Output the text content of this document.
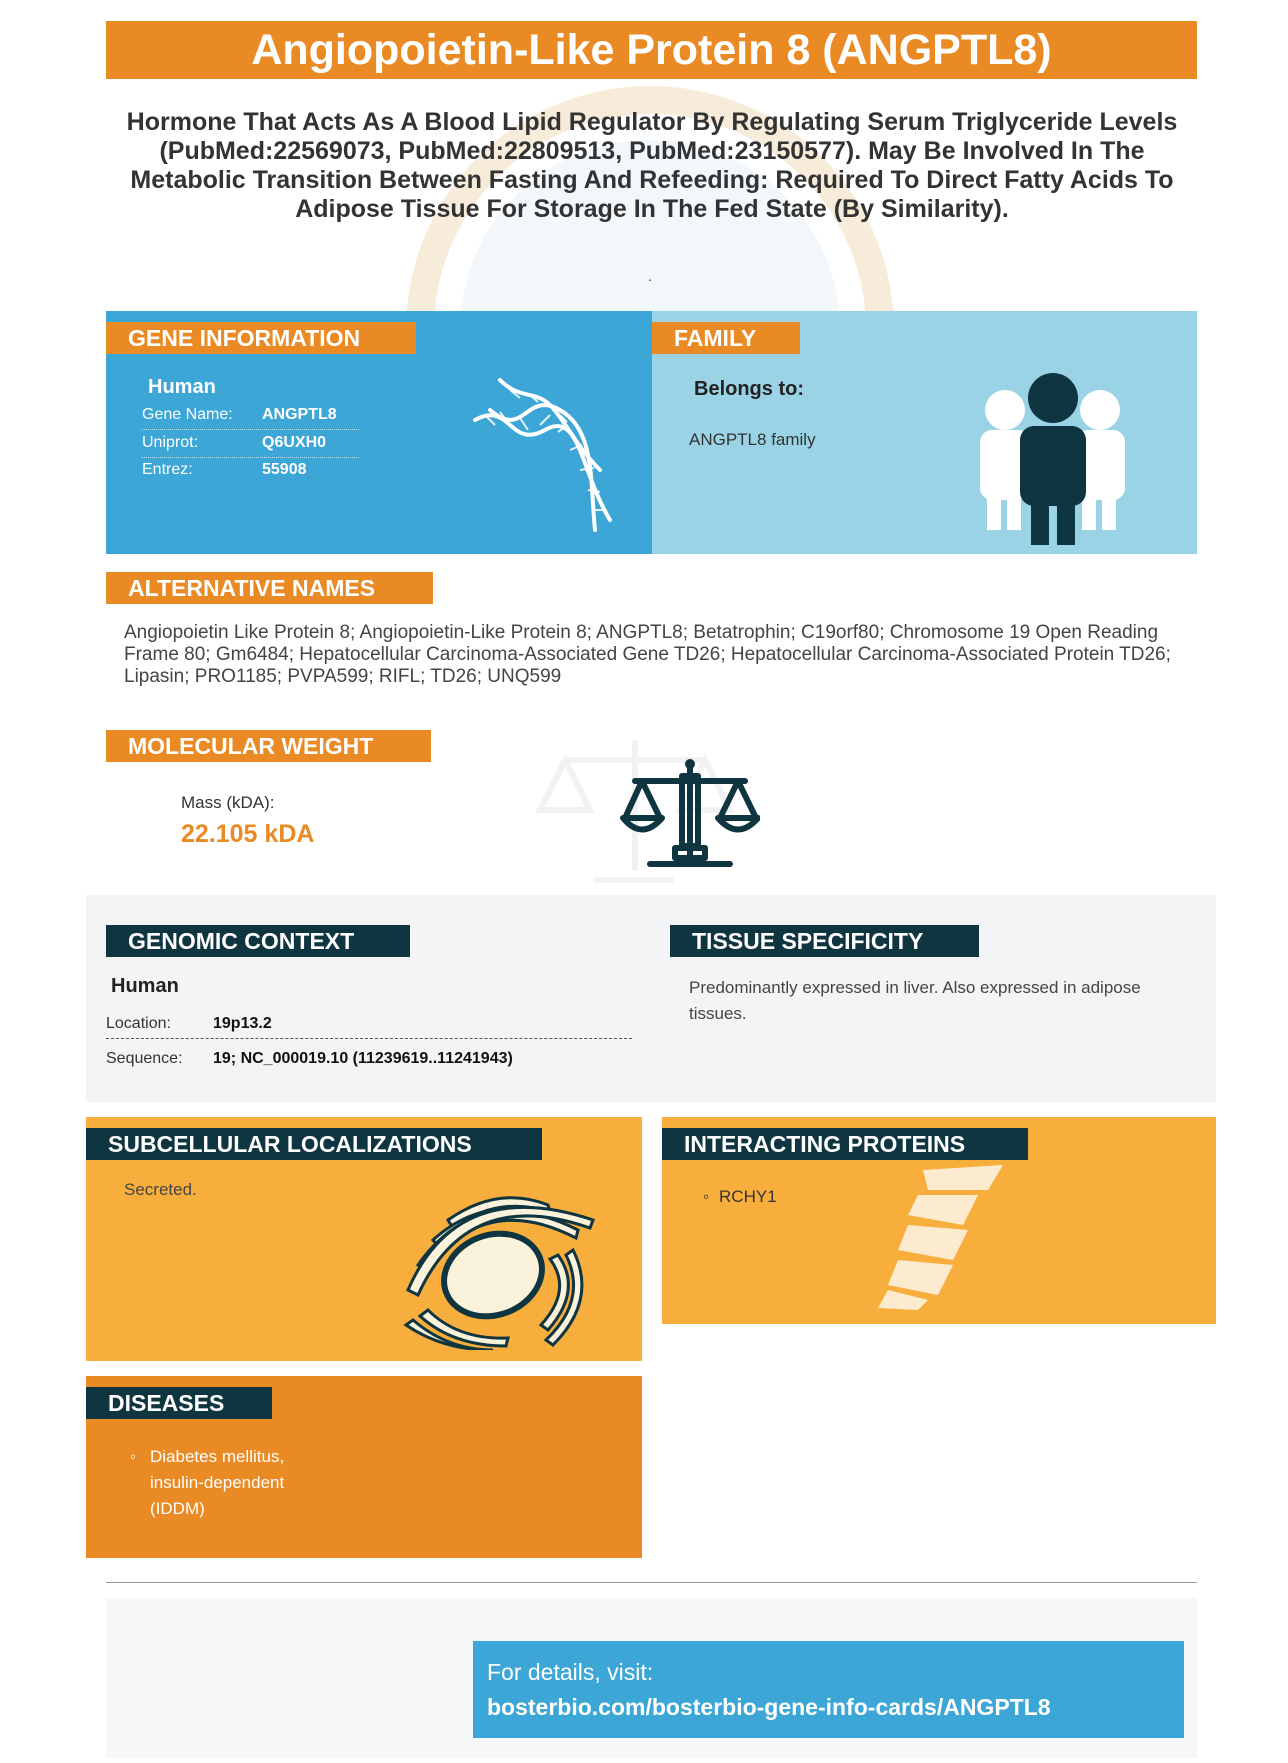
Angiopoietin-Like Protein 8 (ANGPTL8)
Hormone That Acts As A Blood Lipid Regulator By Regulating Serum Triglyceride Levels (PubMed:22569073, PubMed:22809513, PubMed:23150577). May Be Involved In The Metabolic Transition Between Fasting And Refeeding: Required To Direct Fatty Acids To Adipose Tissue For Storage In The Fed State (By Similarity).
.
GENE INFORMATION	FAMILY
Human
Gene Name: ANGPTL8
Uniprot:	Q6UXH0
Entrez:	55908
Belongs to:
ANGPTL8 family
ALTERNATIVE NAMES
Angiopoietin Like Protein 8; Angiopoietin-Like Protein 8; ANGPTL8; Betatrophin; C19orf80; Chromosome 19 Open Reading Frame 80; Gm6484; Hepatocellular Carcinoma-Associated Gene TD26; Hepatocellular Carcinoma-Associated Protein TD26; Lipasin; PRO1185; PVPA599; RIFL; TD26; UNQ599
MOLECULAR WEIGHT
Mass (kDA):
22.105 kDA
GENOMIC CONTEXT	TISSUE SPECIFICITY
Human
Location:	19p13.2
Sequence: 19; NC_000019.10 (11239619..11241943)
Predominantly expressed in liver. Also expressed in adipose tissues.
SUBCELLULAR LOCALIZATIONS	INTERACTING PROTEINS
Secreted.
◦	RCHY1
DISEASES
◦ Diabetes mellitus, insulin-dependent (IDDM)
For details, visit:
bosterbio.com/bosterbio-gene-info-cards/ANGPTL8
